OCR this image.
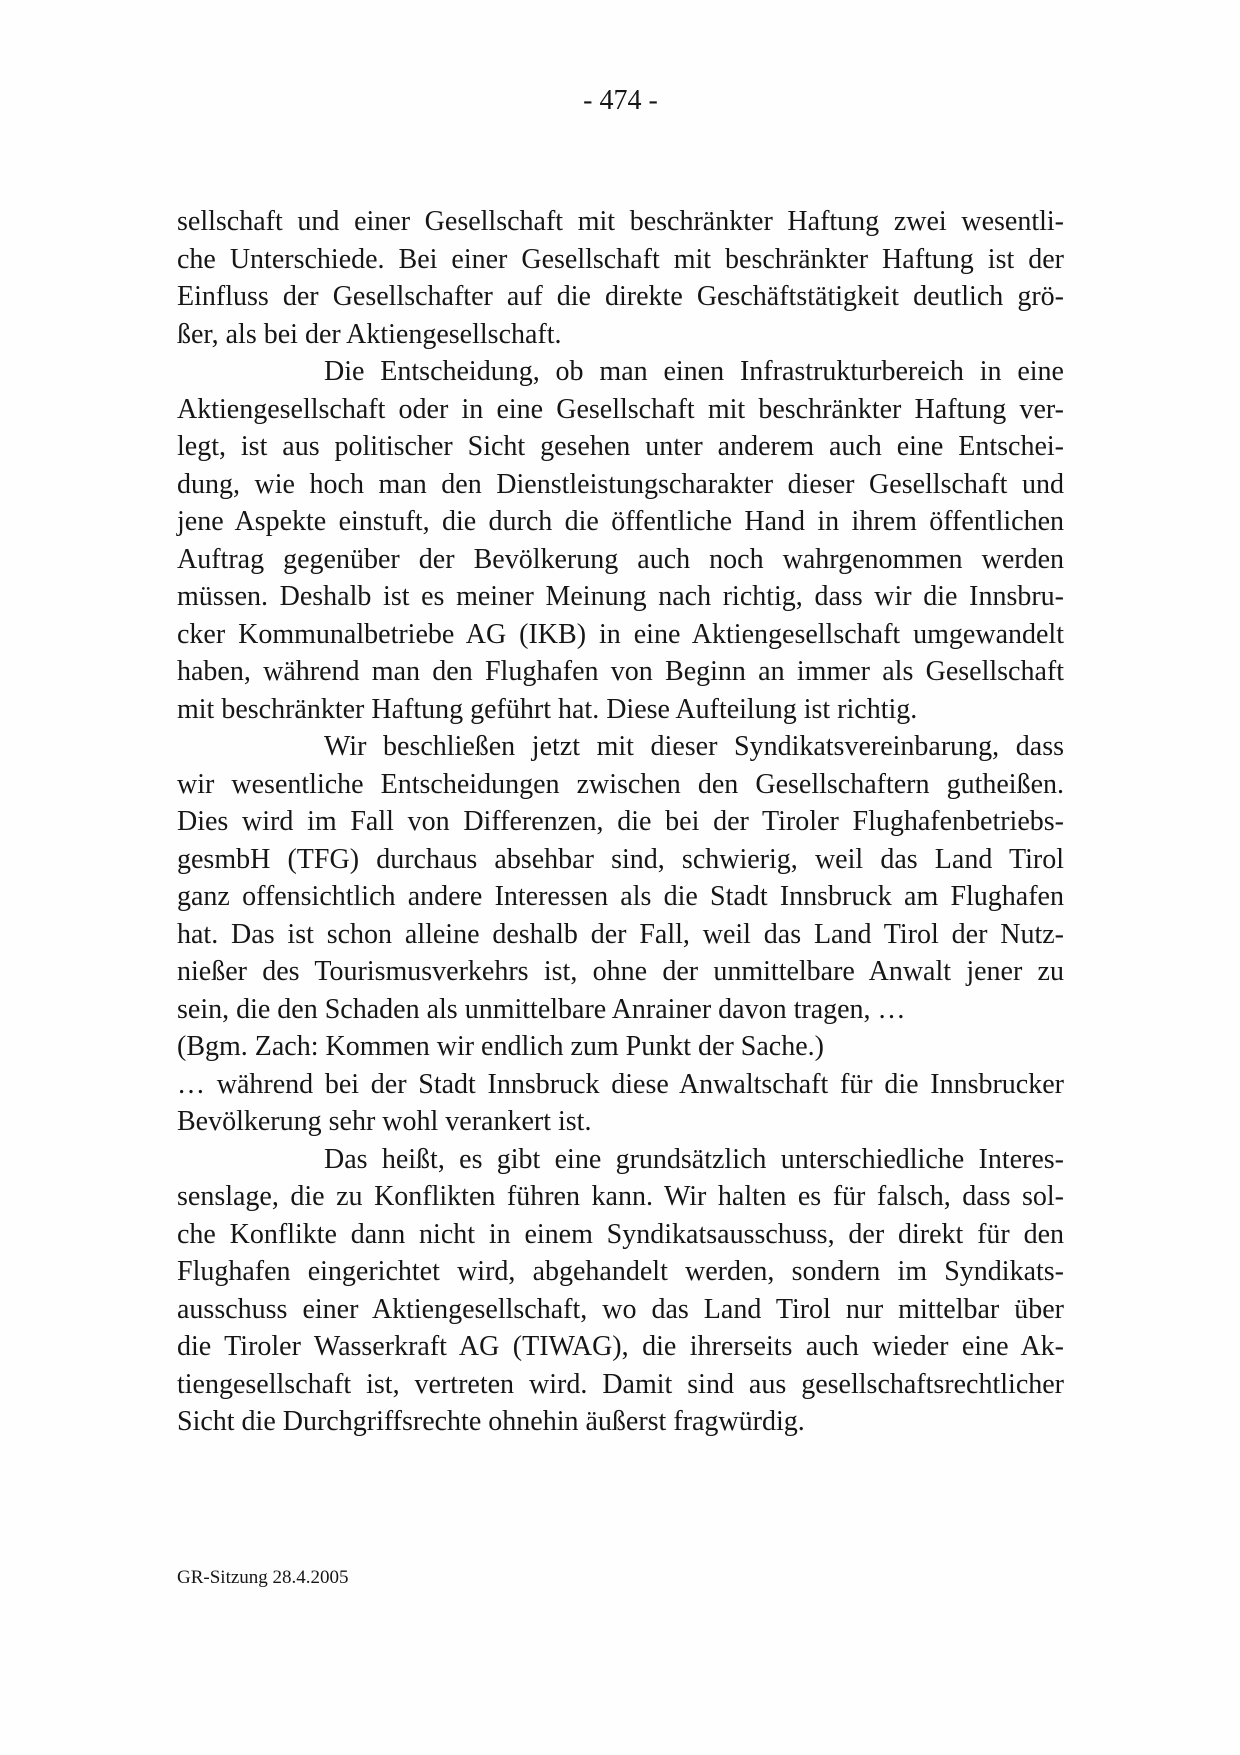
- 474 -
sellschaft und einer Gesellschaft mit beschränkter Haftung zwei wesentli-
che Unterschiede. Bei einer Gesellschaft mit beschränkter Haftung ist der
Einfluss der Gesellschafter auf die direkte Geschäftstätigkeit deutlich grö-
ßer, als bei der Aktiengesellschaft.
Die Entscheidung, ob man einen Infrastrukturbereich in eine
Aktiengesellschaft oder in eine Gesellschaft mit beschränkter Haftung ver-
legt, ist aus politischer Sicht gesehen unter anderem auch eine Entschei-
dung, wie hoch man den Dienstleistungscharakter dieser Gesellschaft und
jene Aspekte einstuft, die durch die öffentliche Hand in ihrem öffentlichen
Auftrag gegenüber der Bevölkerung auch noch wahrgenommen werden
müssen. Deshalb ist es meiner Meinung nach richtig, dass wir die Innsbru-
cker Kommunalbetriebe AG (IKB) in eine Aktiengesellschaft umgewandelt
haben, während man den Flughafen von Beginn an immer als Gesellschaft
mit beschränkter Haftung geführt hat. Diese Aufteilung ist richtig.
Wir beschließen jetzt mit dieser Syndikatsvereinbarung, dass
wir wesentliche Entscheidungen zwischen den Gesellschaftern gutheißen.
Dies wird im Fall von Differenzen, die bei der Tiroler Flughafenbetriebs-
gesmbH (TFG) durchaus absehbar sind, schwierig, weil das Land Tirol
ganz offensichtlich andere Interessen als die Stadt Innsbruck am Flughafen
hat. Das ist schon alleine deshalb der Fall, weil das Land Tirol der Nutz-
nießer des Tourismusverkehrs ist, ohne der unmittelbare Anwalt jener zu
sein, die den Schaden als unmittelbare Anrainer davon tragen, …
(Bgm. Zach: Kommen wir endlich zum Punkt der Sache.)
… während bei der Stadt Innsbruck diese Anwaltschaft für die Innsbrucker
Bevölkerung sehr wohl verankert ist.
Das heißt, es gibt eine grundsätzlich unterschiedliche Interes-
senslage, die zu Konflikten führen kann. Wir halten es für falsch, dass sol-
che Konflikte dann nicht in einem Syndikatsausschuss, der direkt für den
Flughafen eingerichtet wird, abgehandelt werden, sondern im Syndikats-
ausschuss einer Aktiengesellschaft, wo das Land Tirol nur mittelbar über
die Tiroler Wasserkraft AG (TIWAG), die ihrerseits auch wieder eine Ak-
tiengesellschaft ist, vertreten wird. Damit sind aus gesellschaftsrechtlicher
Sicht die Durchgriffsrechte ohnehin äußerst fragwürdig.
GR-Sitzung 28.4.2005
